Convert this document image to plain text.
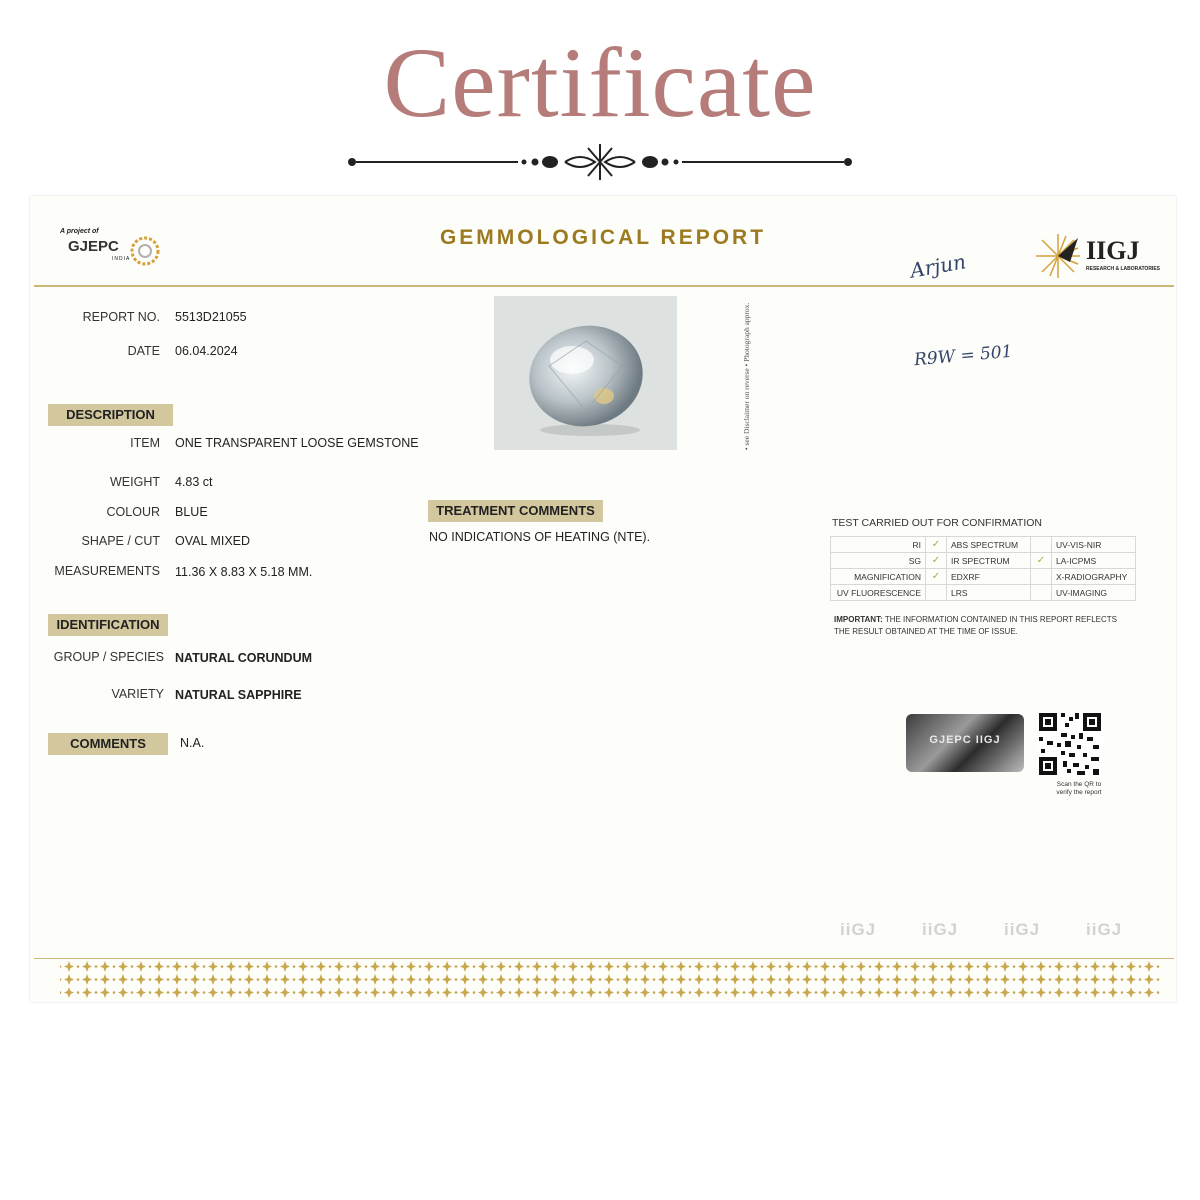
Certificate
A project of
GJEPC
INDIA
GEMMOLOGICAL REPORT
Arjun	IIGJ
RESEARCH & LABORATORIES
REPORT NO. 5513D21055
DATE 06.04.2024	• see Disclaimer on reverse • Photograph approx.	R9W = 501
DESCRIPTION
ITEM ONE TRANSPARENT LOOSE GEMSTONE
WEIGHT 4.83 ct
COLOUR BLUE
SHAPE / CUT OVAL MIXED
MEASUREMENTS 11.36 X 8.83 X 5.18 MM.
TREATMENT COMMENTS
NO INDICATIONS OF HEATING (NTE).
TEST CARRIED OUT FOR CONFIRMATION
RI	✓	ABS SPECTRUM		UV-VIS-NIR
SG	✓	IR SPECTRUM	✓	LA-ICPMS
MAGNIFICATION	✓	EDXRF		X-RADIOGRAPHY
UV FLUORESCENCE		LRS		UV-IMAGING
IMPORTANT: THE INFORMATION CONTAINED IN THIS REPORT REFLECTS THE RESULT OBTAINED AT THE TIME OF ISSUE.
IDENTIFICATION
GROUP / SPECIES NATURAL CORUNDUM
VARIETY NATURAL SAPPHIRE
COMMENTS	N.A.	GJEPC IIGJ
Scan the QR to verify the report
iiGJ	iiGJ	iiGJ	iiGJ
